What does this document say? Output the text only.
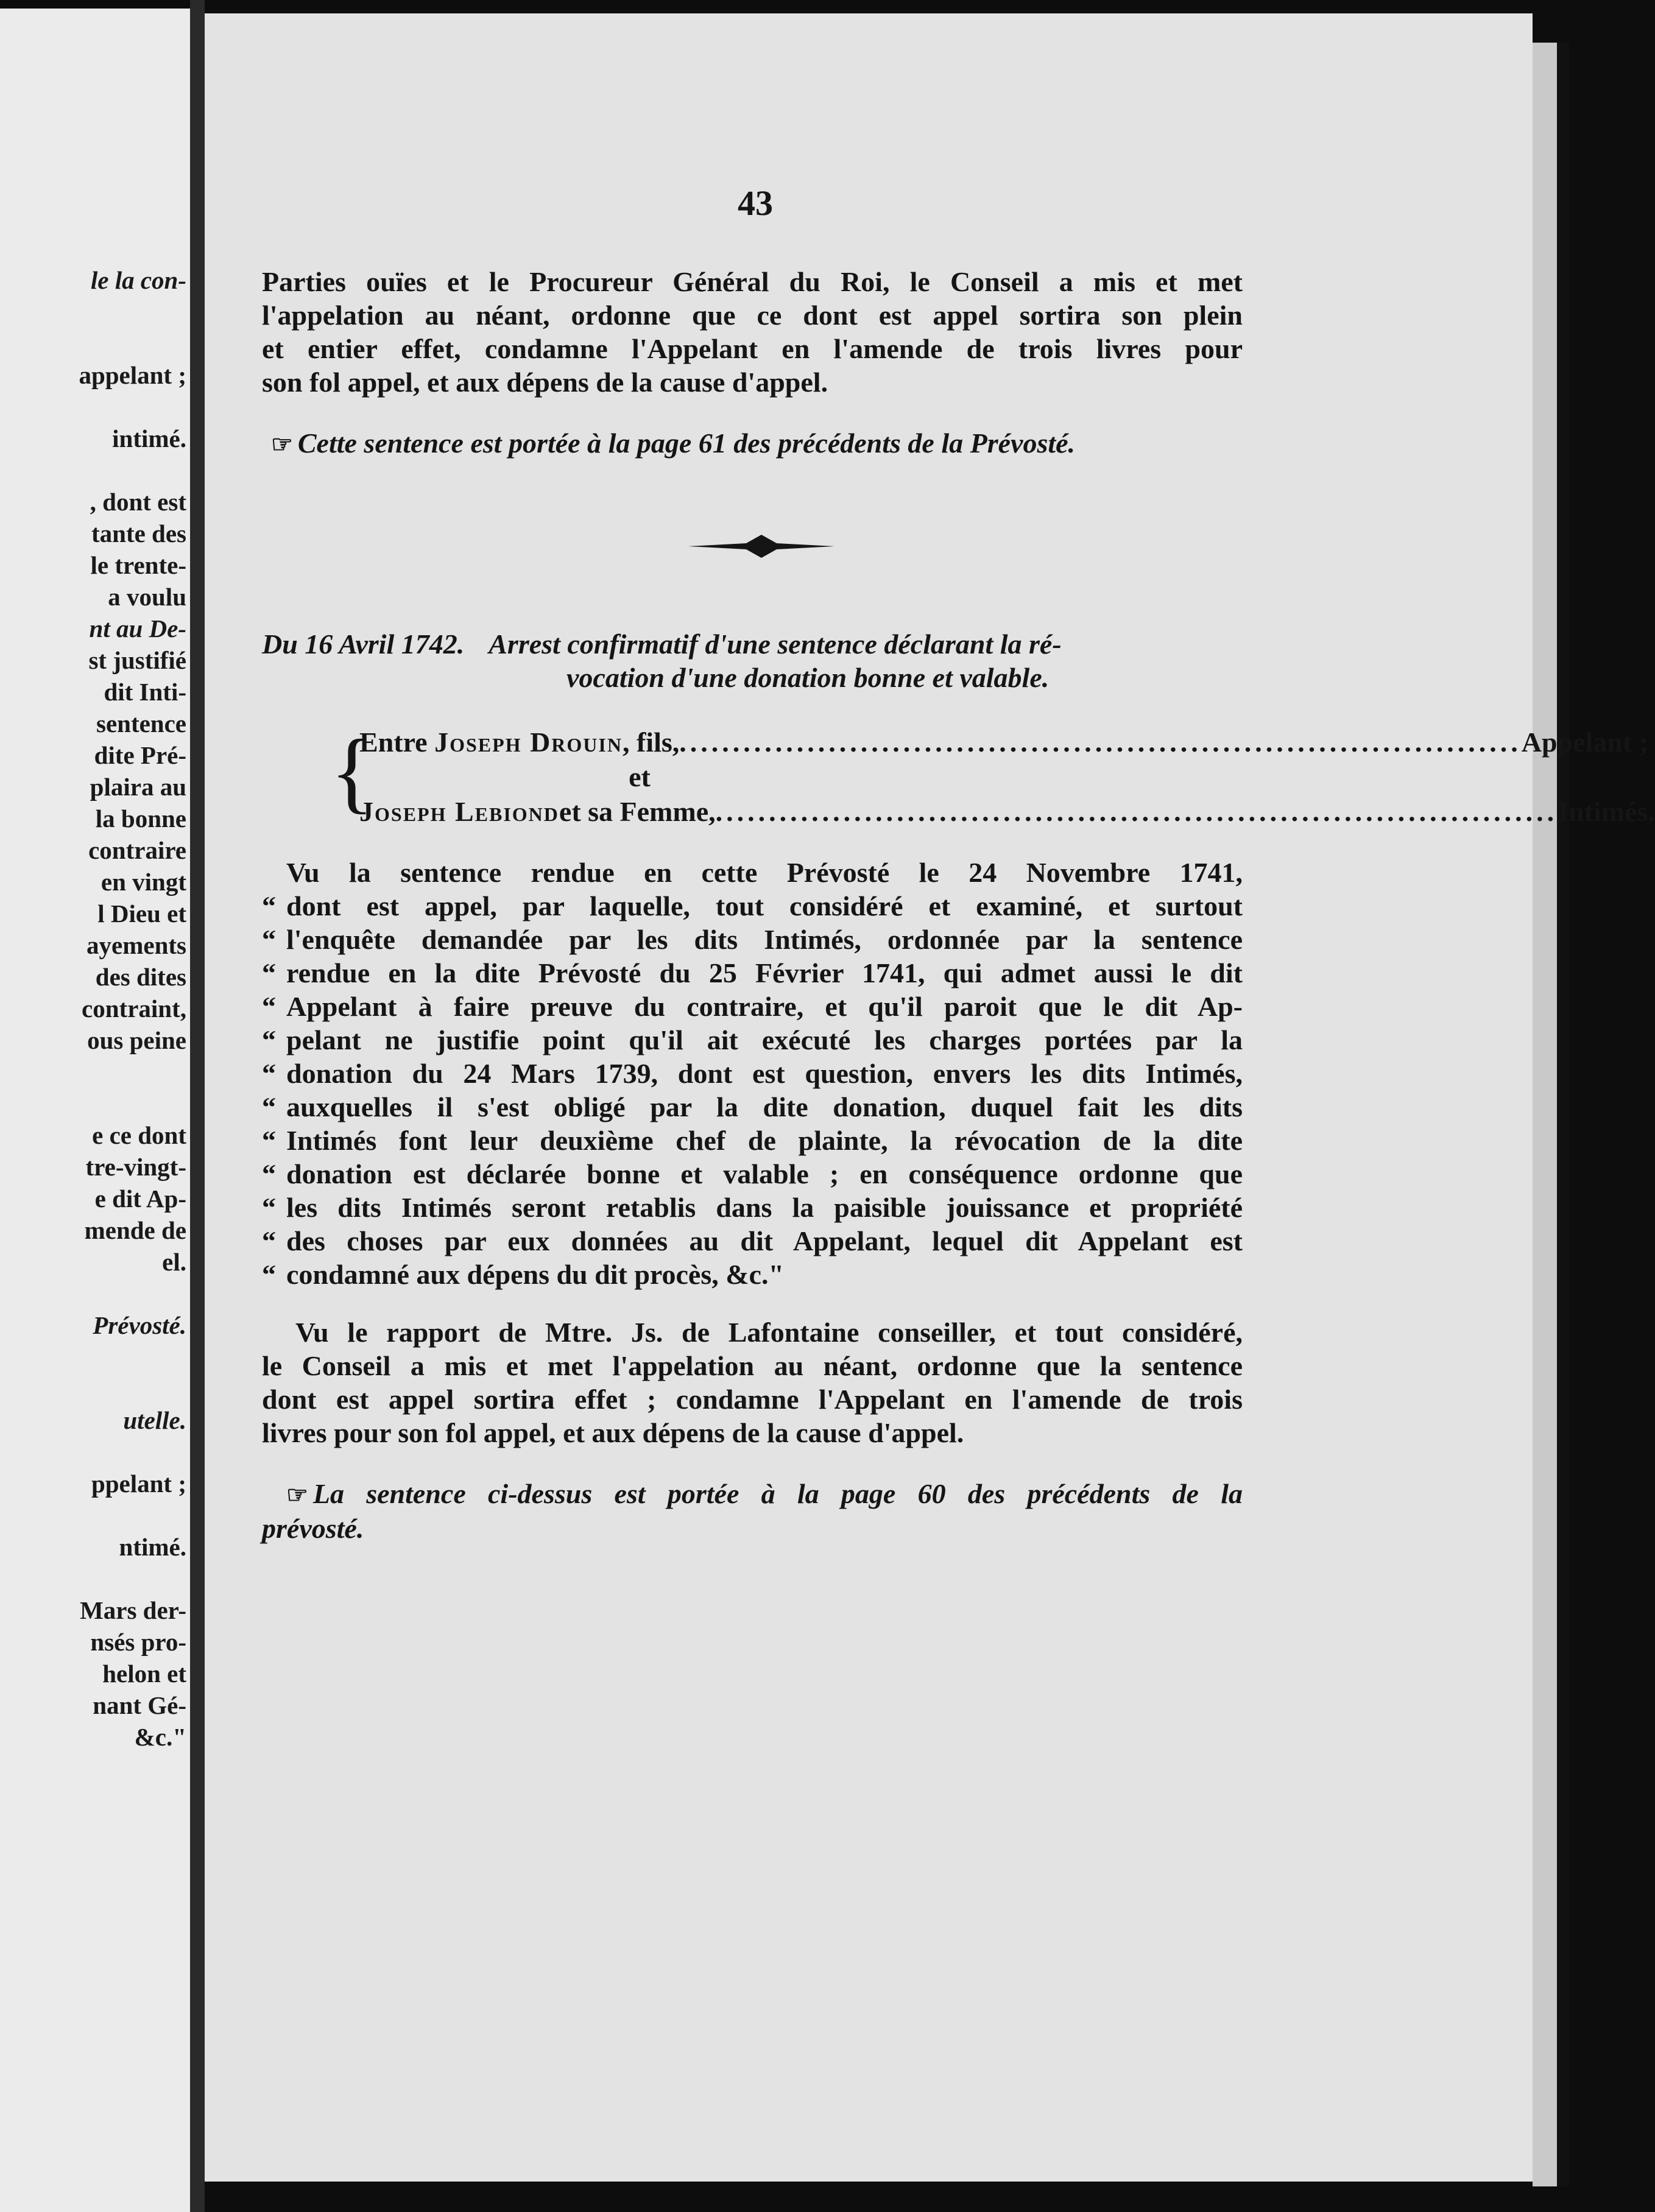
le la con-
appelant ;
intimé.
, dont est
tante des
le trente-
a voulu
nt au De-
st justifié
dit Inti-
sentence
dite Pré-
plaira au
la bonne
contraire
en vingt
l Dieu et
ayements
des dites
contraint,
ous peine
e ce dont
tre-vingt-
e dit Ap-
mende de
el.
Prévosté.
utelle.
ppelant ;
ntimé.
Mars der-
nsés pro-
helon et
nant Gé-
&c."
43
Parties ouïes et le Procureur Général du Roi, le Conseil a mis et met
l'appelation au néant, ordonne que ce dont est appel sortira son plein
et entier effet, condamne l'Appelant en l'amende de trois livres pour
son fol appel, et aux dépens de la cause d'appel.
☞ Cette sentence est portée à la page 61 des précédents de la Prévosté.
Du 16 Avril 1742. Arrest confirmatif d'une sentence déclarant la ré-
vocation d'une donation bonne et valable.
{
Entre
Joseph Drouin , fils, ............................................................................... Appelant ;
et
Joseph Lebiond et sa Femme, ............................................................................... Intimés.
Vu la sentence rendue en cette Prévosté le 24 Novembre 1741,
“ dont est appel, par laquelle, tout considéré et examiné, et surtout
“ l'enquête demandée par les dits Intimés, ordonnée par la sentence
“ rendue en la dite Prévosté du 25 Février 1741, qui admet aussi le dit
“ Appelant à faire preuve du contraire, et qu'il paroit que le dit Ap-
“ pelant ne justifie point qu'il ait exécuté les charges portées par la
“ donation du 24 Mars 1739, dont est question, envers les dits Intimés,
“ auxquelles il s'est obligé par la dite donation, duquel fait les dits
“ Intimés font leur deuxième chef de plainte, la révocation de la dite
“ donation est déclarée bonne et valable ; en conséquence ordonne que
“ les dits Intimés seront retablis dans la paisible jouissance et propriété
“ des choses par eux données au dit Appelant, lequel dit Appelant est
“ condamné aux dépens du dit procès, &c."
Vu le rapport de Mtre. Js. de Lafontaine conseiller, et tout considéré,
le Conseil a mis et met l'appelation au néant, ordonne que la sentence
dont est appel sortira effet ; condamne l'Appelant en l'amende de trois
livres pour son fol appel, et aux dépens de la cause d'appel.
☞ La sentence ci-dessus est portée à la page 60 des précédents de la
prévosté.
